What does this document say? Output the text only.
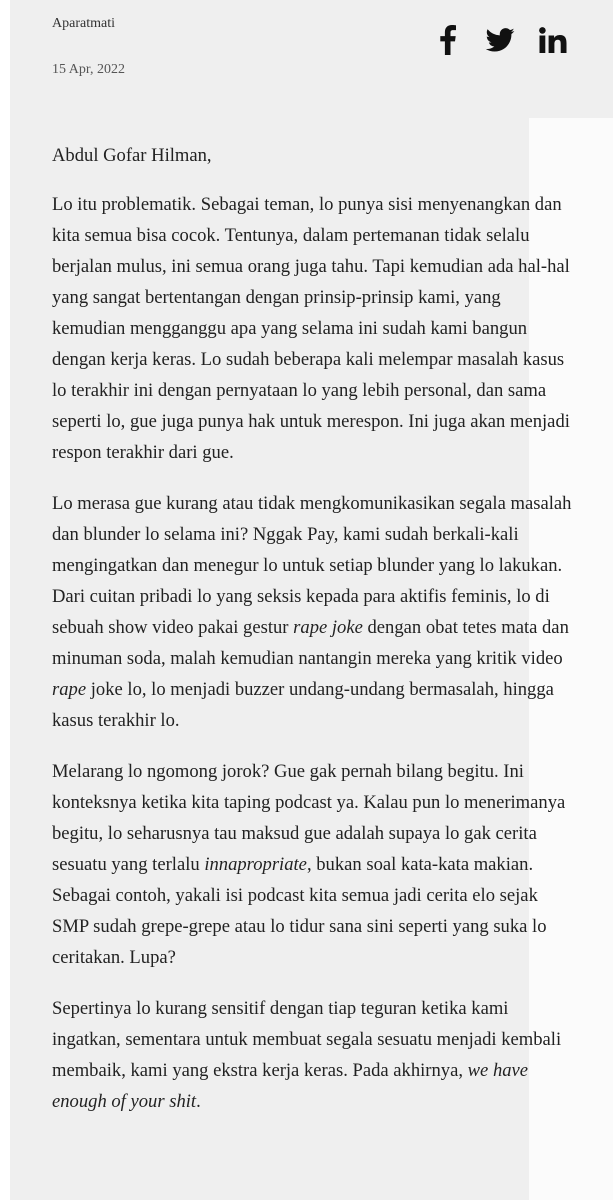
Aparatmati
15 Apr, 2022

Abdul Gofar Hilman,

Lo itu problematik. Sebagai teman, lo punya sisi menyenangkan dan kita semua bisa cocok. Tentunya, dalam pertemanan tidak selalu berjalan mulus, ini semua orang juga tahu. Tapi kemudian ada hal-hal yang sangat bertentangan dengan prinsip-prinsip kami, yang kemudian mengganggu apa yang selama ini sudah kami bangun dengan kerja keras. Lo sudah beberapa kali melempar masalah kasus lo terakhir ini dengan pernyataan lo yang lebih personal, dan sama seperti lo, gue juga punya hak untuk merespon. Ini juga akan menjadi respon terakhir dari gue.

Lo merasa gue kurang atau tidak mengkomunikasikan segala masalah dan blunder lo selama ini? Nggak Pay, kami sudah berkali-kali mengingatkan dan menegur lo untuk setiap blunder yang lo lakukan. Dari cuitan pribadi lo yang seksis kepada para aktifis feminis, lo di sebuah show video pakai gestur rape joke dengan obat tetes mata dan minuman soda, malah kemudian nantangin mereka yang kritik video rape joke lo, lo menjadi buzzer undang-undang bermasalah, hingga kasus terakhir lo.

Melarang lo ngomong jorok? Gue gak pernah bilang begitu. Ini konteksnya ketika kita taping podcast ya. Kalau pun lo menerimanya begitu, lo seharusnya tau maksud gue adalah supaya lo gak cerita sesuatu yang terlalu innapropriate, bukan soal kata-kata makian. Sebagai contoh, yakali isi podcast kita semua jadi cerita elo sejak SMP sudah grepe-grepe atau lo tidur sana sini seperti yang suka lo ceritakan. Lupa?

Sepertinya lo kurang sensitif dengan tiap teguran ketika kami ingatkan, sementara untuk membuat segala sesuatu menjadi kembali membaik, kami yang ekstra kerja keras. Pada akhirnya, we have enough of your shit.
